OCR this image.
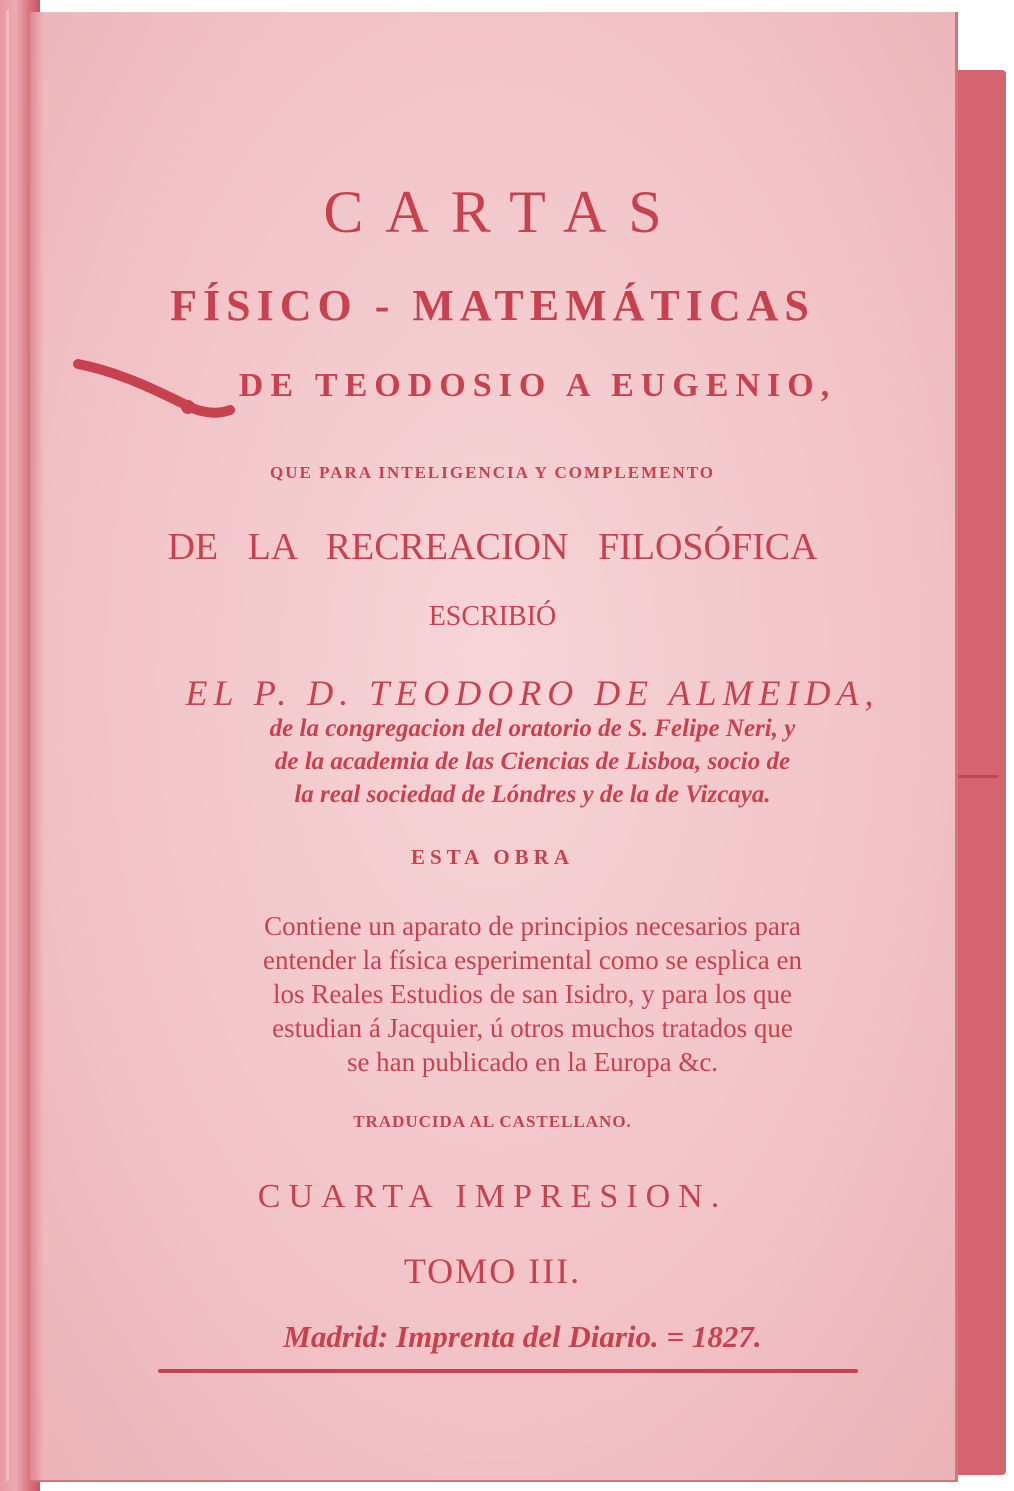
CARTAS
FÍSICO - MATEMÁTICAS
DE TEODOSIO A EUGENIO,
QUE PARA INTELIGENCIA Y COMPLEMENTO
DE LA RECREACION FILOSÓFICA
ESCRIBIÓ
EL P. D. TEODORO DE ALMEIDA,
de la congregacion del oratorio de S. Felipe Neri, y
de la academia de las Ciencias de Lisboa, socio de
la real sociedad de Lóndres y de la de Vizcaya.
ESTA OBRA
Contiene un aparato de principios necesarios para
entender la física esperimental como se esplica en
los Reales Estudios de san Isidro, y para los que
estudian á Jacquier, ú otros muchos tratados que
se han publicado en la Europa &c.
TRADUCIDA AL CASTELLANO.
CUARTA IMPRESION.
TOMO III.
Madrid: Imprenta del Diario. = 1827.
